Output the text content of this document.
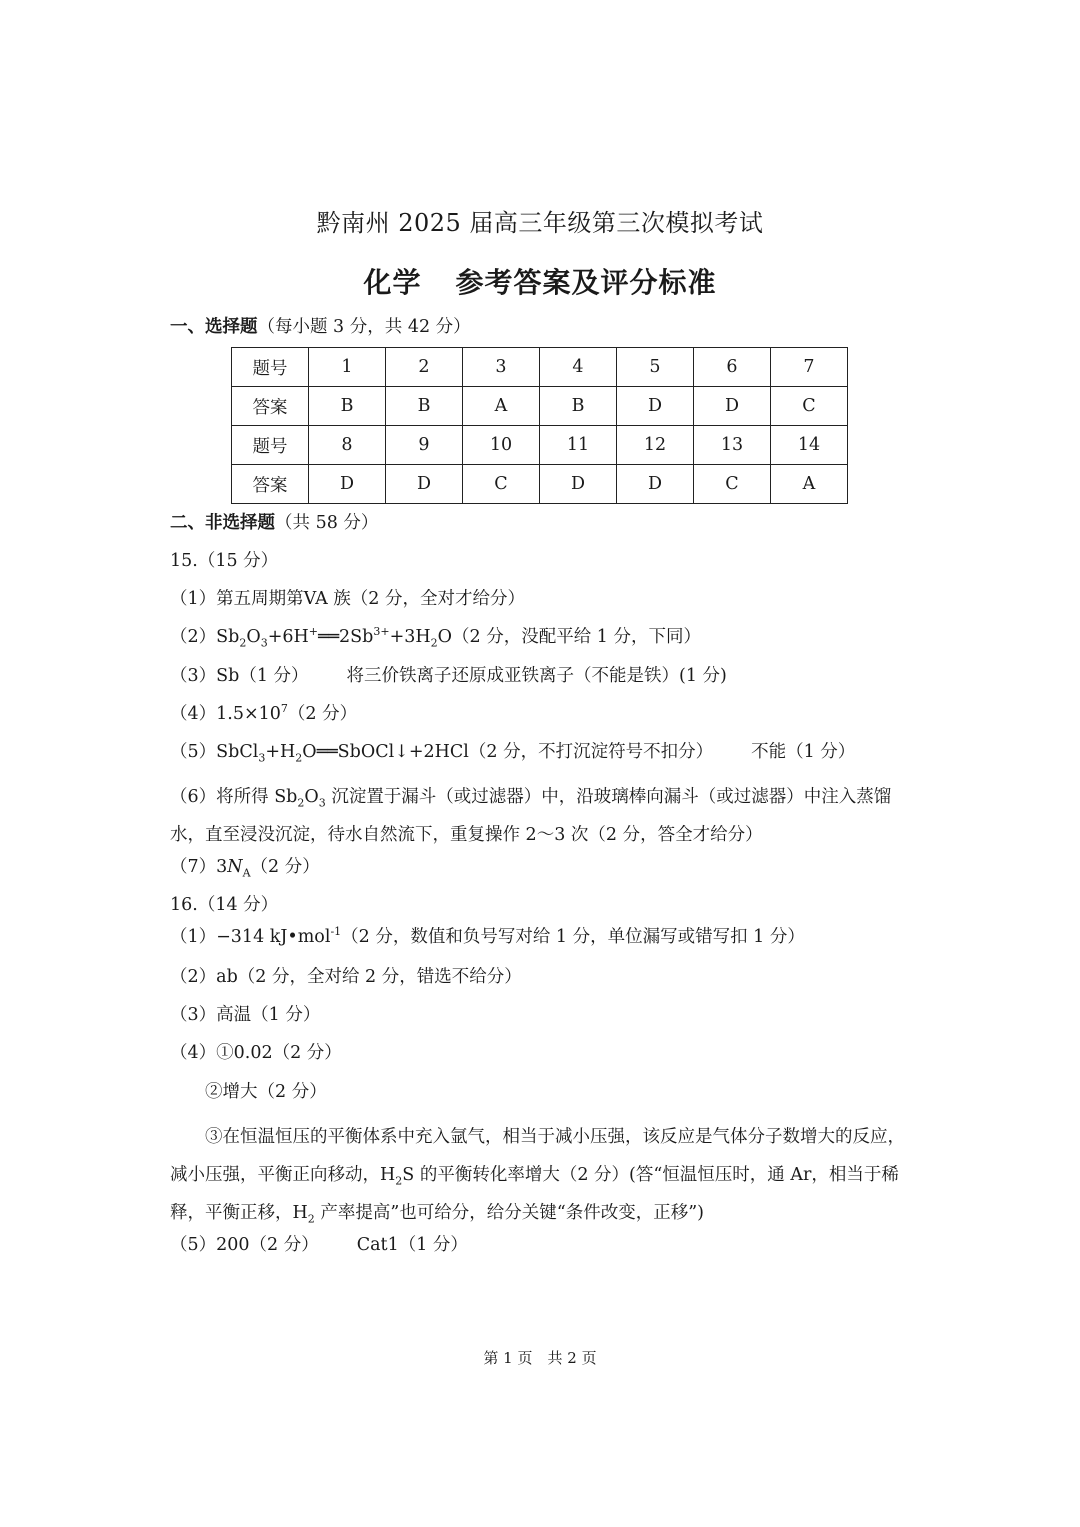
黔南州 2025 届高三年级第三次模拟考试
化学 参考答案及评分标准
一、选择题（每小题 3 分，共 42 分）
题号	1	2	3	4	5	6	7
答案	B	B	A	B	D	D	C
题号	8	9	10	11	12	13	14
答案	D	D	C	D	D	C	A
二、非选择题（共 58 分）
15.（15 分）
（1）第五周期第VA 族（2 分，全对才给分）
$(2)Sb_2O_3+6H^+══2Sb^{3+}+3H_2O(2$ 分，没配平给 1 分，下同）
（3）Sb（1 分） 将三价铁离子还原成亚铁离子（不能是铁）(1 分)
$(4)1.5\times 10^7(2$ 分）
$(5)SbCl_3+H_2O══SbOCl↓+2HCl(2$ 分，不打沉淀符号不扣分） 不能（1 分）
（6）将所得 $Sb_2O_3$ 沉淀置于漏斗（或过滤器）中，沿玻璃棒向漏斗（或过滤器）中注入蒸馏水，直至浸没沉淀，待水自然流下，重复操作 2～3 次（2 分，答全才给分）
$(7)3N_A(2$ 分）
16.（14 分）
（1）−314 kJ•mol$^{-1}$（2 分，数值和负号写对给 1 分，单位漏写或错写扣 1 分）
（2）ab（2 分，全对给 2 分，错选不给分）
（3）高温（1 分）
（4）①0.02（2 分）
②增大（2 分）
③在恒温恒压的平衡体系中充入氩气，相当于减小压强，该反应是气体分子数增大的反应，减小压强，平衡正向移动，$H_2S$ 的平衡转化率增大（2 分）(答“恒温恒压时，通 Ar，相当于稀释，平衡正移，$H_2$ 产率提高”也可给分，给分关键“条件改变，正移”)
（5）200（2 分） Cat1（1 分）
第 1 页　共 2 页
